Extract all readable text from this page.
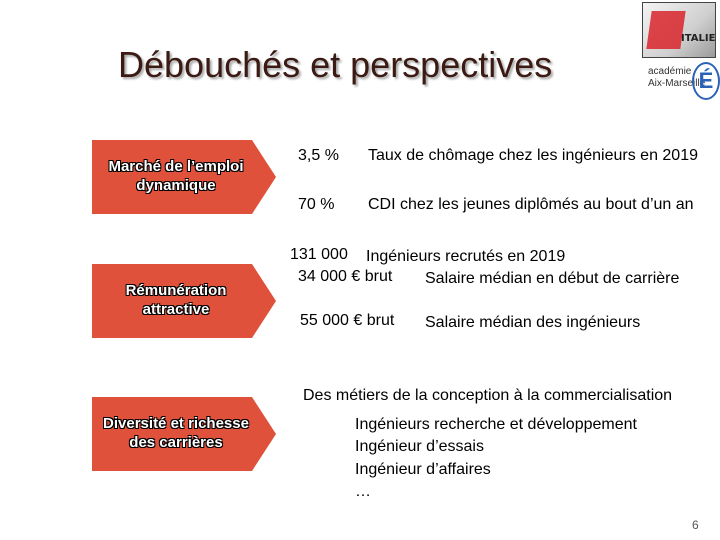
Débouchés et perspectives
ITALIE
académie
Aix-Marseille
É
Marché de l’emploi dynamique
Rémunération attractive
Diversité et richesse des carrières
3,5 % Taux de chômage chez les ingénieurs en 2019
70 % CDI chez les jeunes diplômés au bout d’un an
131 000 Ingénieurs recrutés en 2019
34 000 € brut Salaire médian en début de carrière
55 000 € brut Salaire médian des ingénieurs
Des métiers de la conception à la commercialisation
Ingénieurs recherche et développement
Ingénieur d’essais
Ingénieur d’affaires
…
6
